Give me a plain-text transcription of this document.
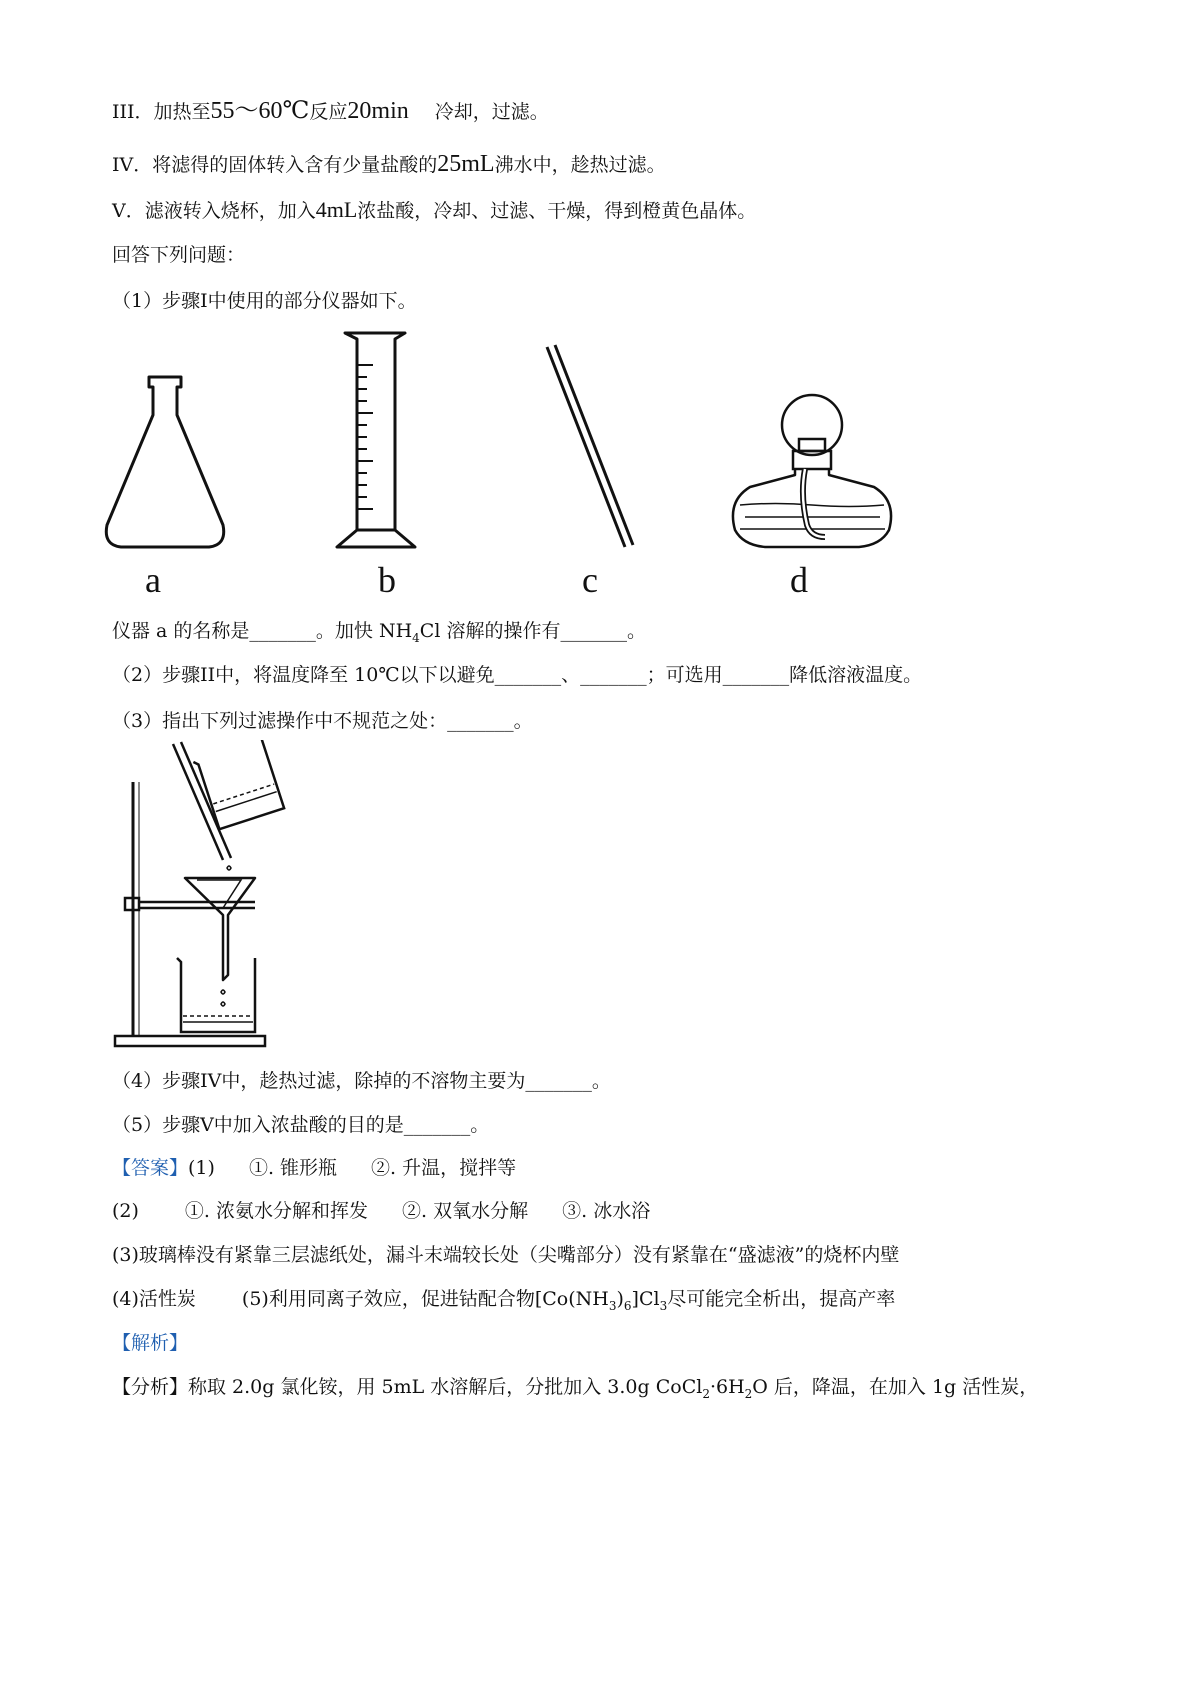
III．加热至55～60℃反应20min 冷却，过滤。
IV．将滤得的固体转入含有少量盐酸的25mL沸水中，趁热过滤。
V．滤液转入烧杯，加入4mL浓盐酸，冷却、过滤、干燥，得到橙黄色晶体。
回答下列问题：
（1）步骤I中使用的部分仪器如下。
a	b	c	d
仪器 a 的名称是_______。加快 $NH_4Cl$ 溶解的操作有_______。
（2）步骤II中，将温度降至 10℃以下以避免_______、_______；可选用_______降低溶液温度。
（3）指出下列过滤操作中不规范之处：_______。
（4）步骤IV中，趁热过滤，除掉的不溶物主要为_______。
（5）步骤V中加入浓盐酸的目的是_______。
【答案】(1) ①. 锥形瓶 ②. 升温，搅拌等
(2) ①. 浓氨水分解和挥发 ②. 双氧水分解 ③. 冰水浴
(3)玻璃棒没有紧靠三层滤纸处，漏斗末端较长处（尖嘴部分）没有紧靠在“盛滤液”的烧杯内壁
(4)活性炭 (5)利用同离子效应，促进钴配合物$[Co(NH_3)_6]Cl_3$尽可能完全析出，提高产率
【解析】
【分析】称取 2.0g 氯化铵，用 5mL 水溶解后，分批加入 3.0g $CoCl_2\cdot 6H_2O$ 后，降温，在加入 1g 活性炭，
